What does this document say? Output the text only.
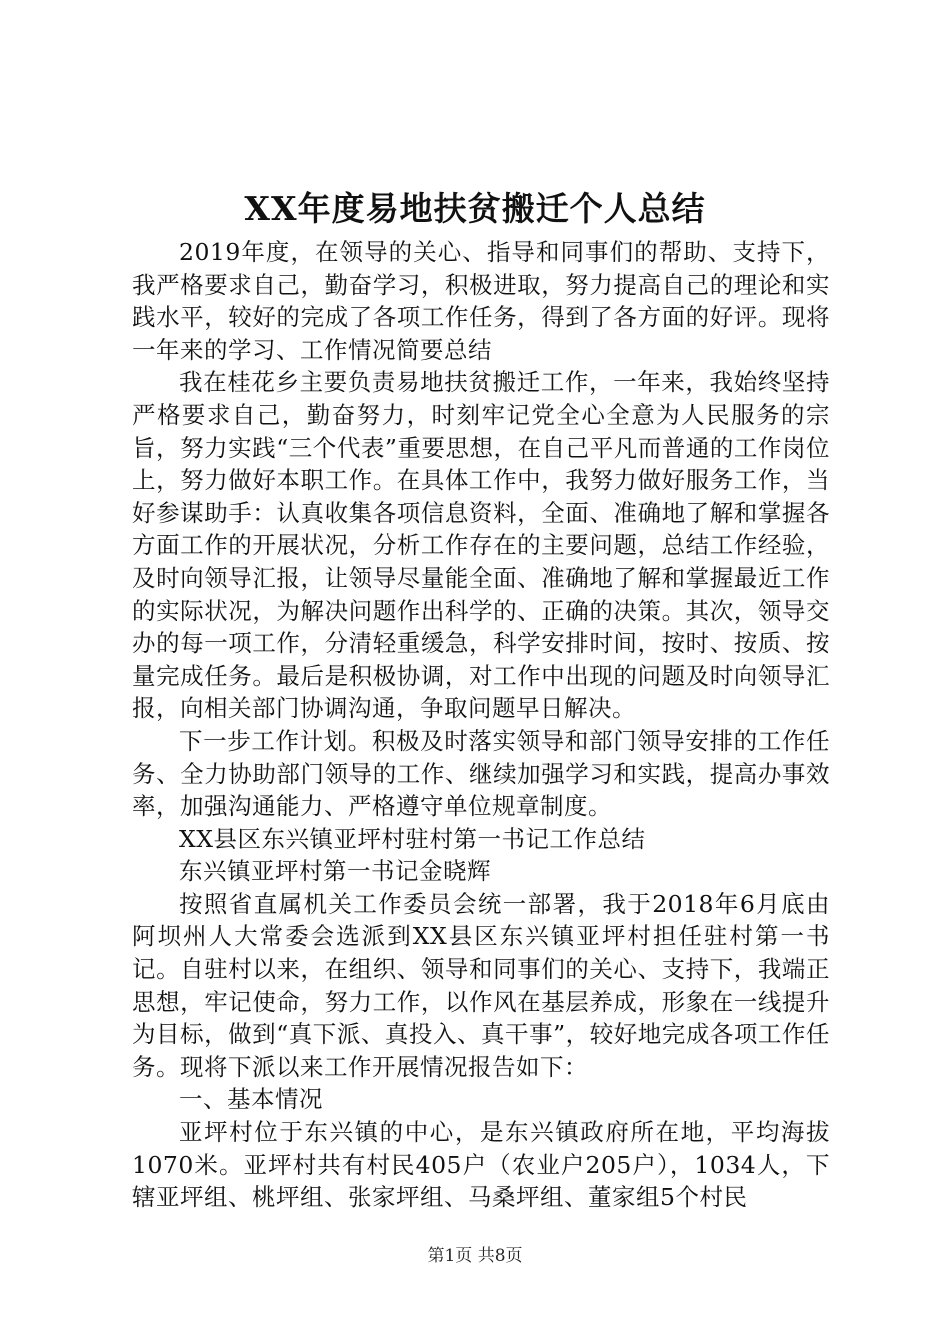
XX年度易地扶贫搬迁个人总结

2019年度，在领导的关心、指导和同事们的帮助、支持下，我严格要求自己，勤奋学习，积极进取，努力提高自己的理论和实践水平，较好的完成了各项工作任务，得到了各方面的好评。现将一年来的学习、工作情况简要总结

我在桂花乡主要负责易地扶贫搬迁工作，一年来，我始终坚持严格要求自己，勤奋努力，时刻牢记党全心全意为人民服务的宗旨，努力实践“三个代表”重要思想，在自己平凡而普通的工作岗位上，努力做好本职工作。在具体工作中，我努力做好服务工作，当好参谋助手：认真收集各项信息资料，全面、准确地了解和掌握各方面工作的开展状况，分析工作存在的主要问题，总结工作经验，及时向领导汇报，让领导尽量能全面、准确地了解和掌握最近工作的实际状况，为解决问题作出科学的、正确的决策。其次，领导交办的每一项工作，分清轻重缓急，科学安排时间，按时、按质、按量完成任务。最后是积极协调，对工作中出现的问题及时向领导汇报，向相关部门协调沟通，争取问题早日解决。

下一步工作计划。积极及时落实领导和部门领导安排的工作任务、全力协助部门领导的工作、继续加强学习和实践，提高办事效率，加强沟通能力、严格遵守单位规章制度。

XX县区东兴镇亚坪村驻村第一书记工作总结

东兴镇亚坪村第一书记金晓辉

按照省直属机关工作委员会统一部署，我于2018年6月底由阿坝州人大常委会选派到XX县区东兴镇亚坪村担任驻村第一书记。自驻村以来，在组织、领导和同事们的关心、支持下，我端正思想，牢记使命，努力工作，以作风在基层养成，形象在一线提升为目标，做到“真下派、真投入、真干事”，较好地完成各项工作任务。现将下派以来工作开展情况报告如下：

一、基本情况

亚坪村位于东兴镇的中心，是东兴镇政府所在地，平均海拔1070米。亚坪村共有村民405户（农业户205户），1034人，下辖亚坪组、桃坪组、张家坪组、马桑坪组、董家组5个村民

第1页 共8页
